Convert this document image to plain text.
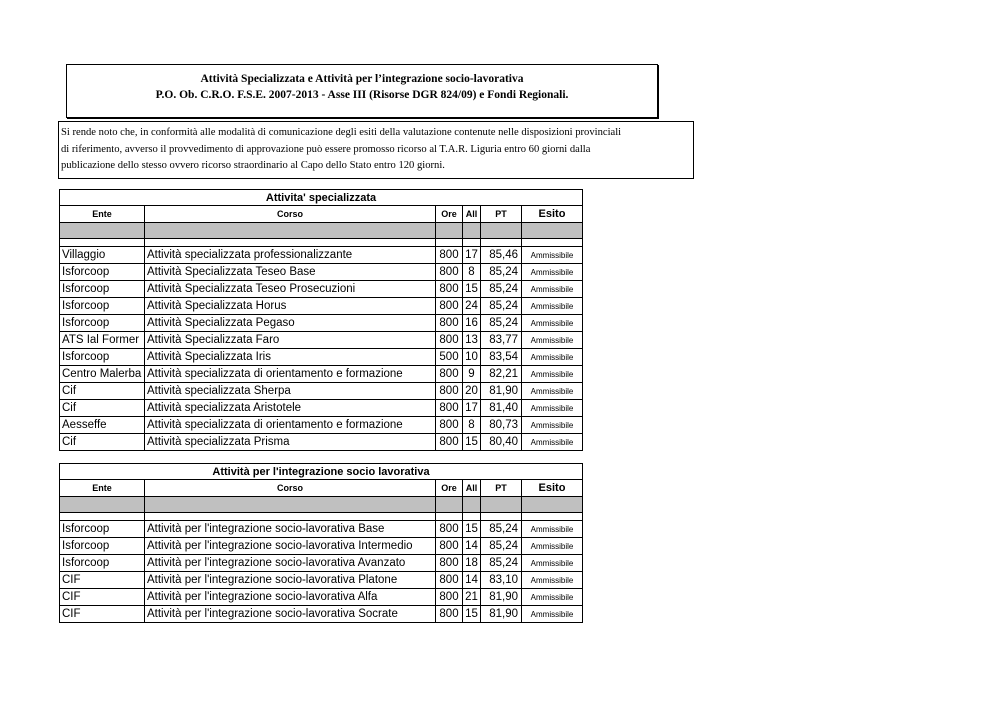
Attività Specializzata e Attività per l’integrazione socio-lavorativa
P.O. Ob. C.R.O. F.S.E. 2007-2013 - Asse III (Risorse DGR 824/09) e Fondi Regionali.
Si rende noto che, in conformità alle modalità di comunicazione degli esiti della valutazione contenute nelle disposizioni provinciali
di riferimento, avverso il provvedimento di approvazione può essere promosso ricorso al T.A.R. Liguria entro 60 giorni dalla
publicazione dello stesso ovvero ricorso straordinario al Capo dello Stato entro 120 giorni.
Attivita' specializzata					
Ente	Corso	Ore	All	PT	Esito

Villaggio	Attività specializzata professionalizzante	800	17	85,46	Ammissibile
Isforcoop	Attività Specializzata Teseo Base	800	8	85,24	Ammissibile
Isforcoop	Attività Specializzata Teseo Prosecuzioni	800	15	85,24	Ammissibile
Isforcoop	Attività Specializzata Horus	800	24	85,24	Ammissibile
Isforcoop	Attività Specializzata Pegaso	800	16	85,24	Ammissibile
ATS Ial Former	Attività Specializzata Faro	800	13	83,77	Ammissibile
Isforcoop	Attività Specializzata Iris	500	10	83,54	Ammissibile
Centro Malerba	Attività specializzata di orientamento e formazione	800	9	82,21	Ammissibile
Cif	Attività specializzata Sherpa	800	20	81,90	Ammissibile
Cif	Attività specializzata Aristotele	800	17	81,40	Ammissibile
Aesseffe	Attività specializzata di orientamento e formazione	800	8	80,73	Ammissibile
Cif	Attività specializzata Prisma	800	15	80,40	Ammissibile
Attività per l'integrazione socio lavorativa					
Ente	Corso	Ore	All	PT	Esito

Isforcoop	Attività per l'integrazione socio-lavorativa Base	800	15	85,24	Ammissibile
Isforcoop	Attività per l'integrazione socio-lavorativa Intermedio	800	14	85,24	Ammissibile
Isforcoop	Attività per l'integrazione socio-lavorativa Avanzato	800	18	85,24	Ammissibile
CIF	Attività per l'integrazione socio-lavorativa Platone	800	14	83,10	Ammissibile
CIF	Attività per l'integrazione socio-lavorativa Alfa	800	21	81,90	Ammissibile
CIF	Attività per l'integrazione socio-lavorativa Socrate	800	15	81,90	Ammissibile
